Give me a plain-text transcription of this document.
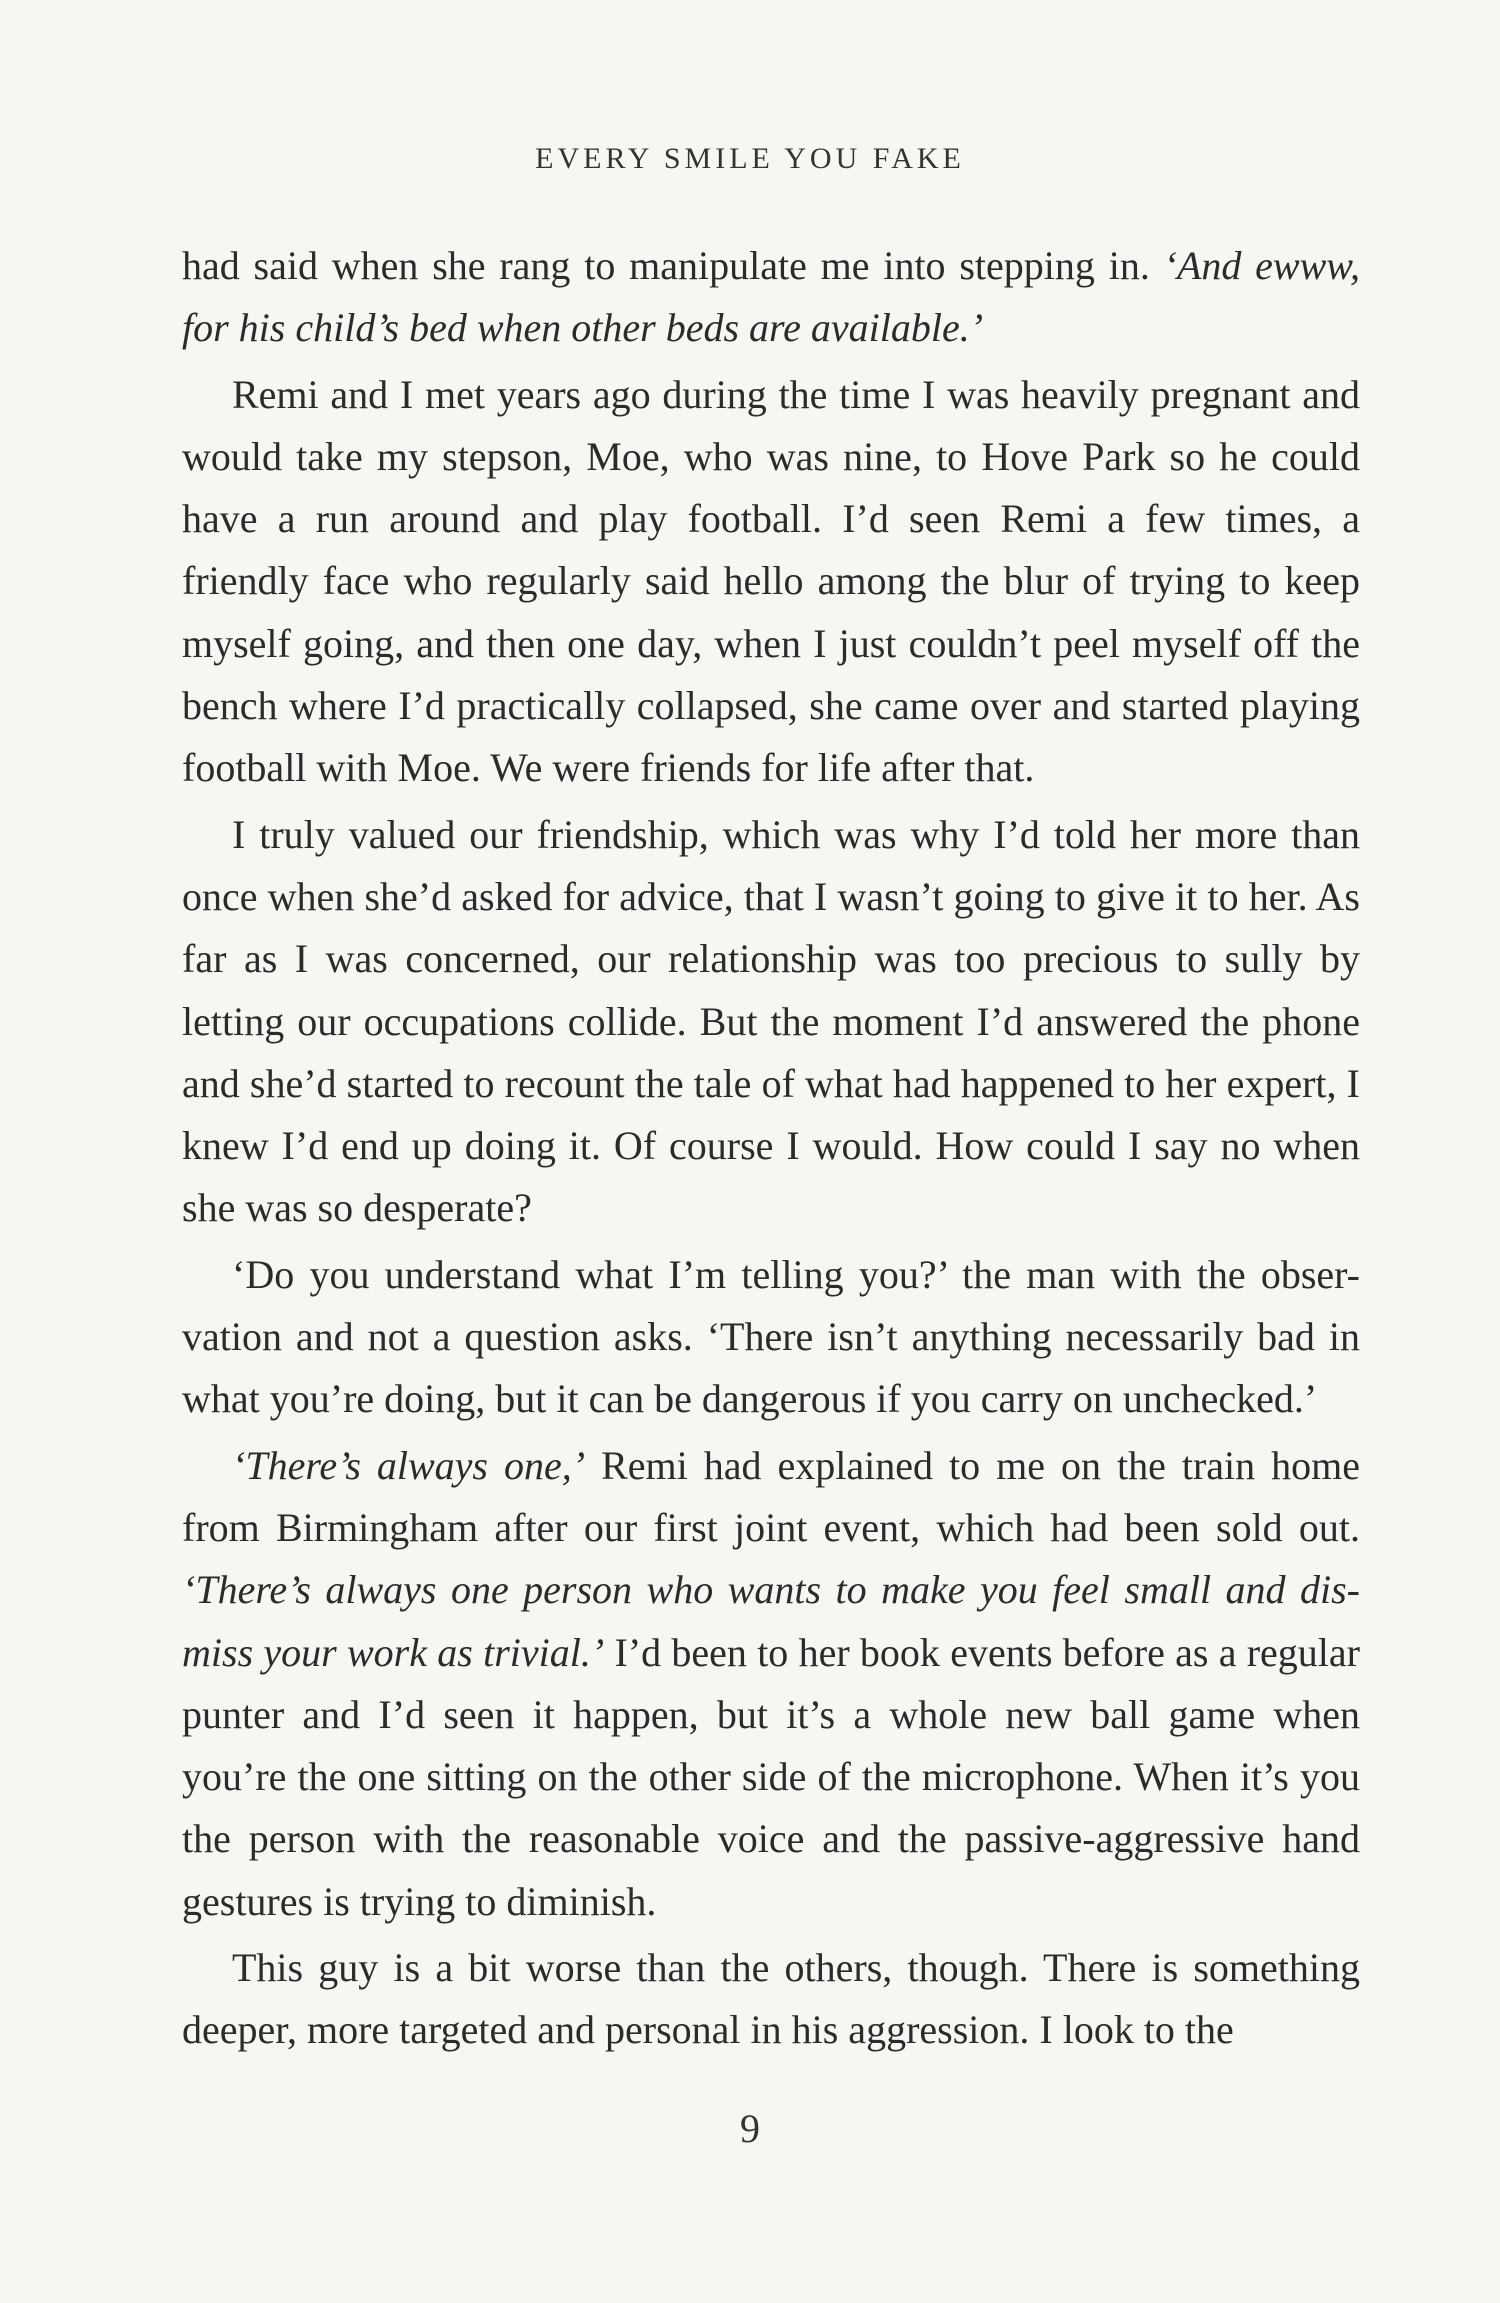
EVERY SMILE YOU FAKE

had said when she rang to manipulate me into stepping in. ‘And ewww, for his child’s bed when other beds are available.’

Remi and I met years ago during the time I was heavily pregnant and would take my stepson, Moe, who was nine, to Hove Park so he could have a run around and play football. I’d seen Remi a few times, a friendly face who regularly said hello among the blur of trying to keep myself going, and then one day, when I just couldn’t peel myself off the bench where I’d practically collapsed, she came over and started playing football with Moe. We were friends for life after that.

I truly valued our friendship, which was why I’d told her more than once when she’d asked for advice, that I wasn’t going to give it to her. As far as I was concerned, our relationship was too precious to sully by letting our occupations collide. But the moment I’d answered the phone and she’d started to recount the tale of what had happened to her expert, I knew I’d end up doing it. Of course I would. How could I say no when she was so desperate?

‘Do you understand what I’m telling you?’ the man with the obser-vation and not a question asks. ‘There isn’t anything necessarily bad in what you’re doing, but it can be dangerous if you carry on unchecked.’

‘There’s always one,’ Remi had explained to me on the train home from Birmingham after our first joint event, which had been sold out. ‘There’s always one person who wants to make you feel small and dis-miss your work as trivial.’ I’d been to her book events before as a regular punter and I’d seen it happen, but it’s a whole new ball game when you’re the one sitting on the other side of the microphone. When it’s you the person with the reasonable voice and the passive-aggressive hand gestures is trying to diminish.

This guy is a bit worse than the others, though. There is something deeper, more targeted and personal in his aggression. I look to the

9
